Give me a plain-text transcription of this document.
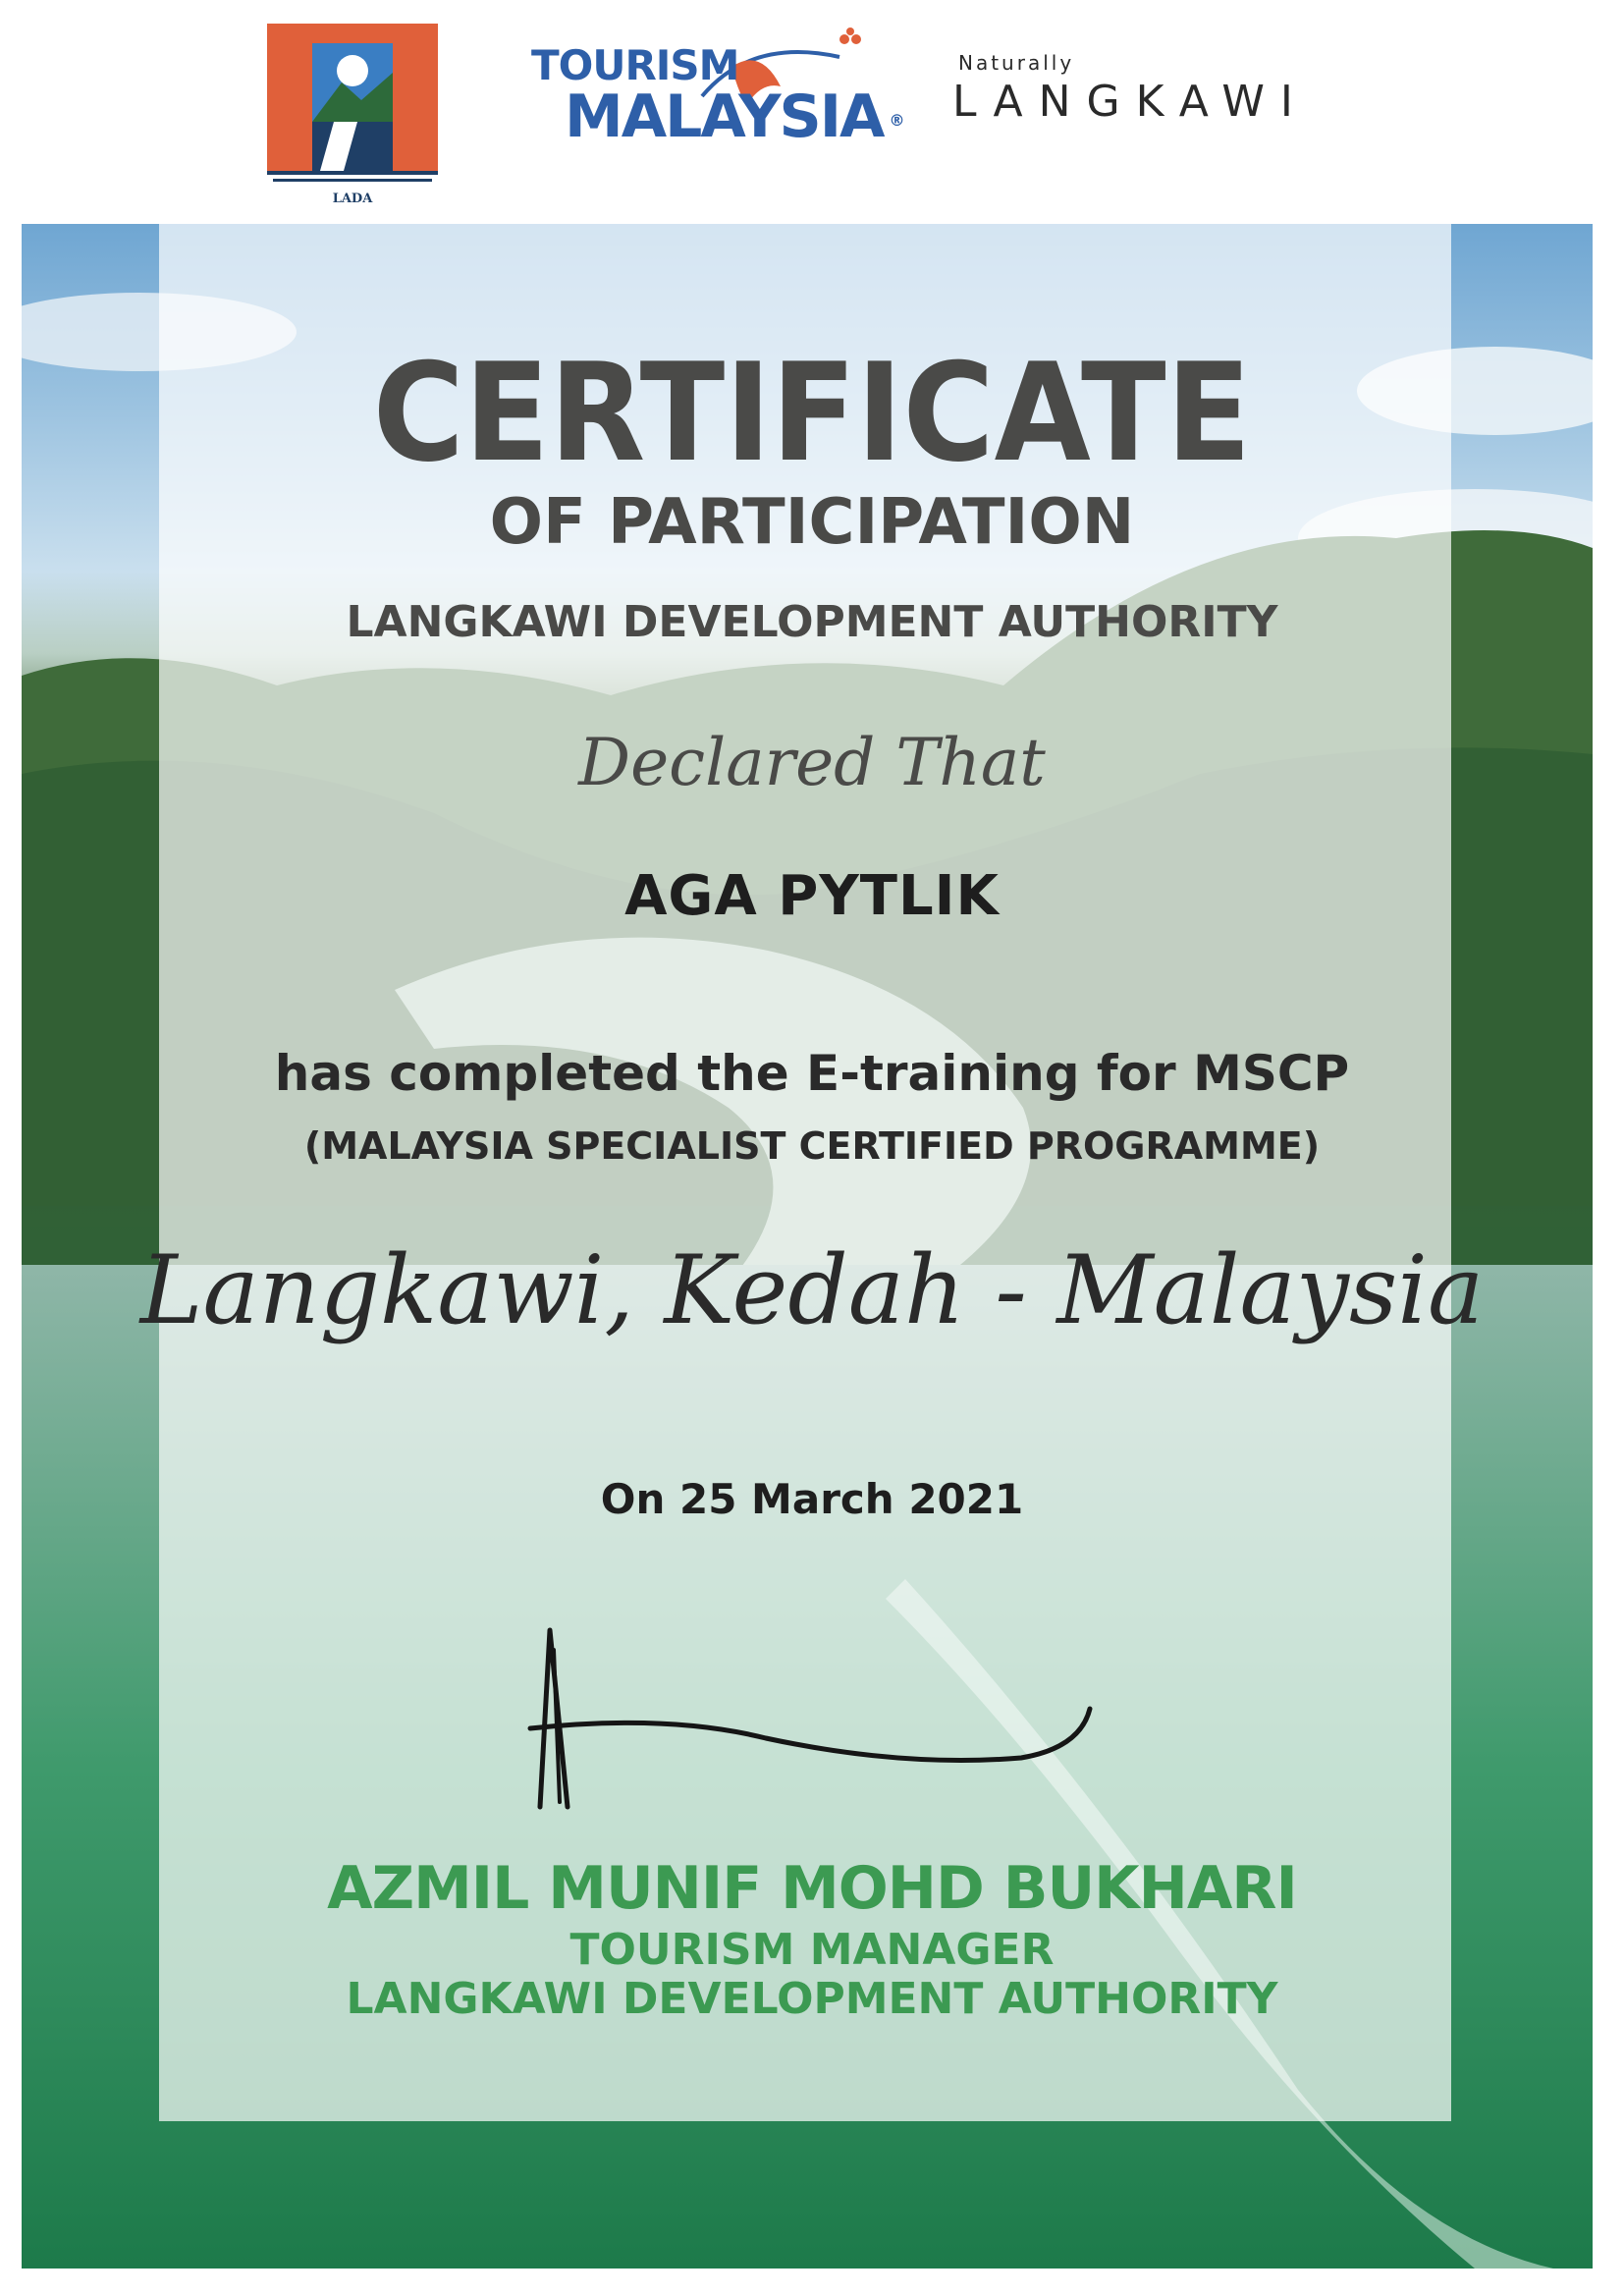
LADA
TOURISM
MALAYSIA ®
Naturally
LANGKAWI
CERTIFICATE
OF PARTICIPATION
LANGKAWI DEVELOPMENT AUTHORITY
Declared That
AGA PYTLIK
has completed the E-training for MSCP
(MALAYSIA SPECIALIST CERTIFIED PROGRAMME)
Langkawi, Kedah - Malaysia
On 25 March 2021
AZMIL MUNIF MOHD BUKHARI
TOURISM MANAGER
LANGKAWI DEVELOPMENT AUTHORITY
